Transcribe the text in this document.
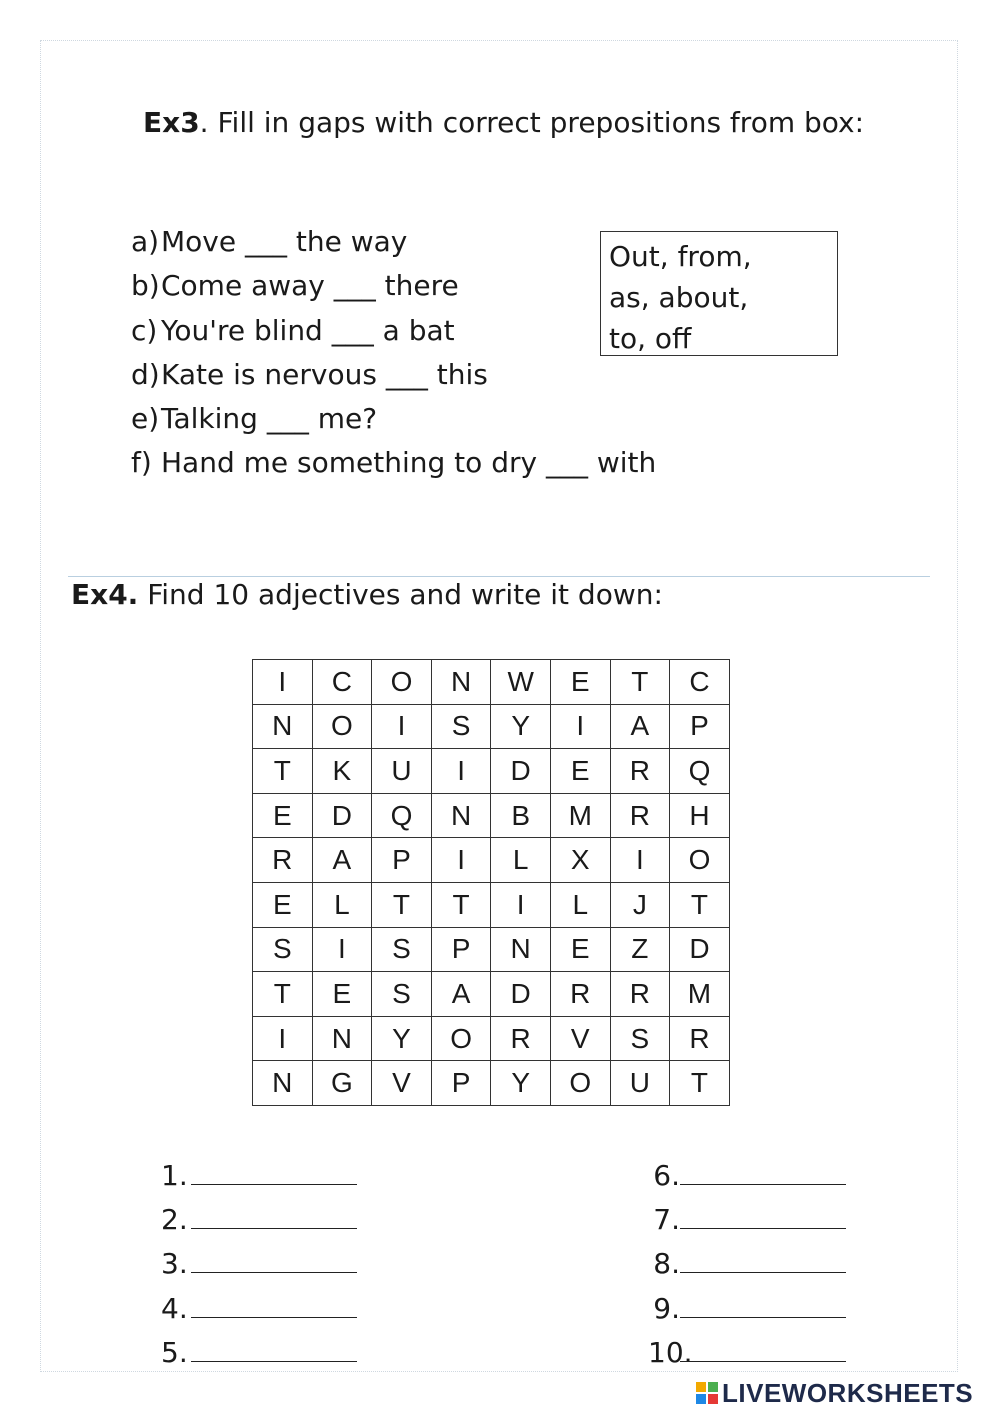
Ex3. Fill in gaps with correct prepositions from box:
a)Move ___ the way
b)Come away ___ there
c) You're blind ___ a bat
d)Kate is nervous ___ this
e)Talking ___ me?
f) Hand me something to dry ___ with
Out, from,
as, about,
to, off
Ex4. Find 10 adjectives and write it down:
I	C	O	N	W	E	T	C
N	O	I	S	Y	I	A	P
T	K	U	I	D	E	R	Q
E	D	Q	N	B	M	R	H
R	A	P	I	L	X	I	O
E	L	T	T	I	L	J	T
S	I	S	P	N	E	Z	D
T	E	S	A	D	R	R	M
I	N	Y	O	R	V	S	R
N	G	V	P	Y	O	U	T
1.
2.
3.
4.
5.
6.
7.
8.
9.
10.
LIVEWORKSHEETS
